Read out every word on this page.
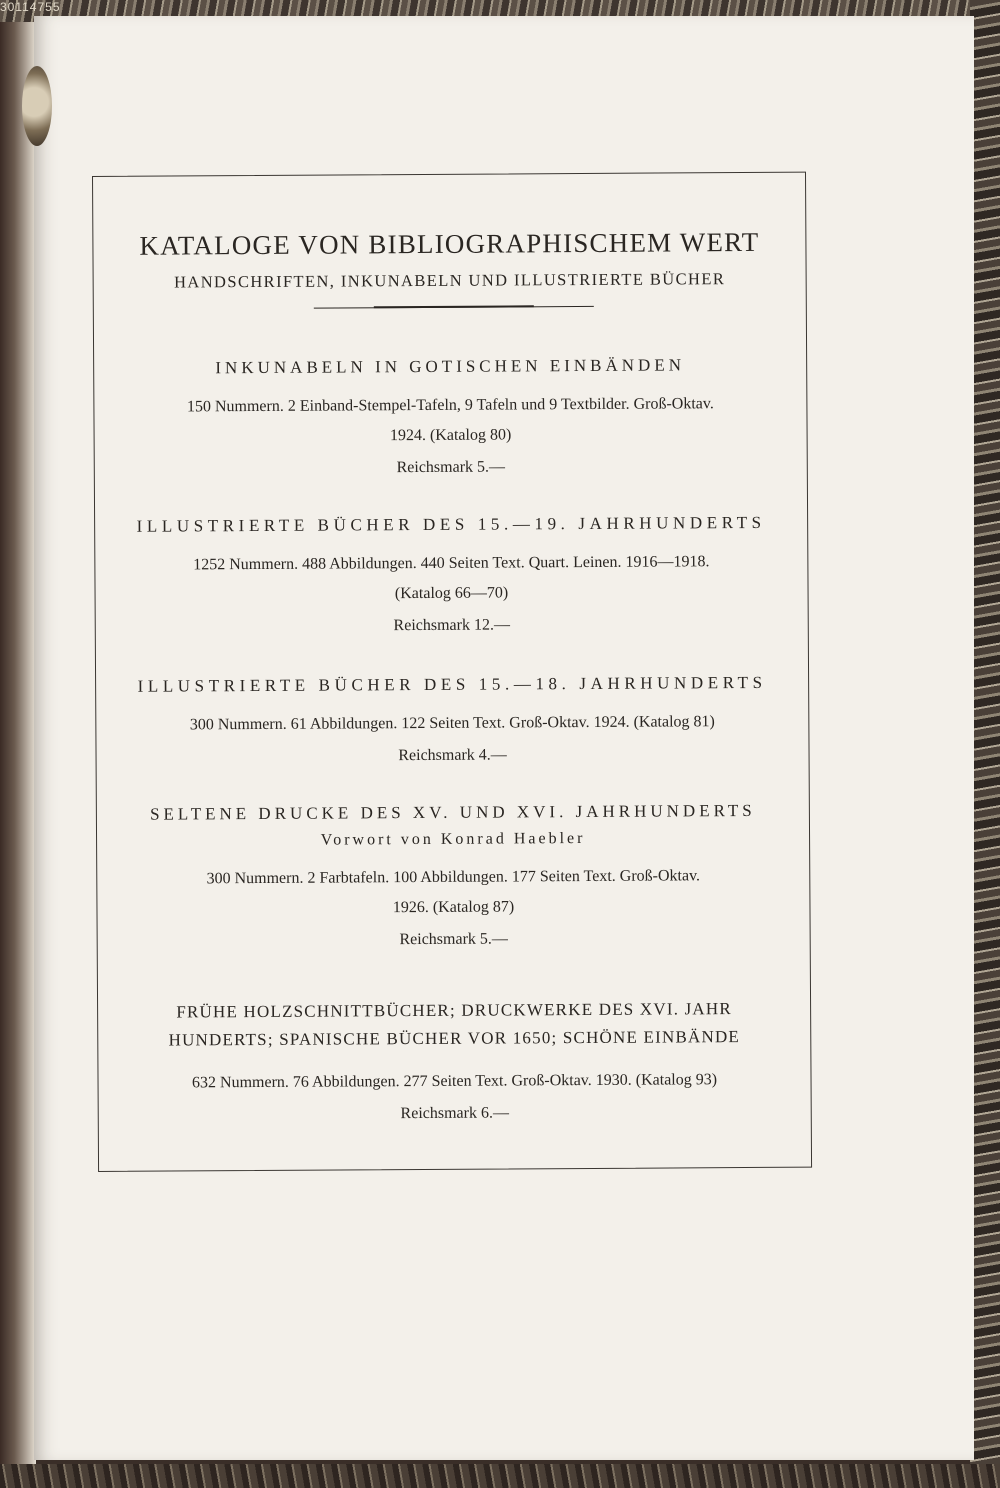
30114755
KATALOGE VON BIBLIOGRAPHISCHEM WERT
HANDSCHRIFTEN, INKUNABELN UND ILLUSTRIERTE BÜCHER
INKUNABELN IN GOTISCHEN EINBÄNDEN
150 Nummern. 2 Einband-Stempel-Tafeln, 9 Tafeln und 9 Textbilder. Groß-Oktav.
1924. (Katalog 80)
Reichsmark 5.—
ILLUSTRIERTE BÜCHER DES 15.—19. JAHRHUNDERTS
1252 Nummern. 488 Abbildungen. 440 Seiten Text. Quart. Leinen. 1916—1918.
(Katalog 66—70)
Reichsmark 12.—
ILLUSTRIERTE BÜCHER DES 15.—18. JAHRHUNDERTS
300 Nummern. 61 Abbildungen. 122 Seiten Text. Groß-Oktav. 1924. (Katalog 81)
Reichsmark 4.—
SELTENE DRUCKE DES XV. UND XVI. JAHRHUNDERTS
Vorwort von Konrad Haebler
300 Nummern. 2 Farbtafeln. 100 Abbildungen. 177 Seiten Text. Groß-Oktav.
1926. (Katalog 87)
Reichsmark 5.—
FRÜHE HOLZSCHNITTBÜCHER; DRUCKWERKE DES XVI. JAHR
HUNDERTS; SPANISCHE BÜCHER VOR 1650; SCHÖNE EINBÄNDE
632 Nummern. 76 Abbildungen. 277 Seiten Text. Groß-Oktav. 1930. (Katalog 93)
Reichsmark 6.—
